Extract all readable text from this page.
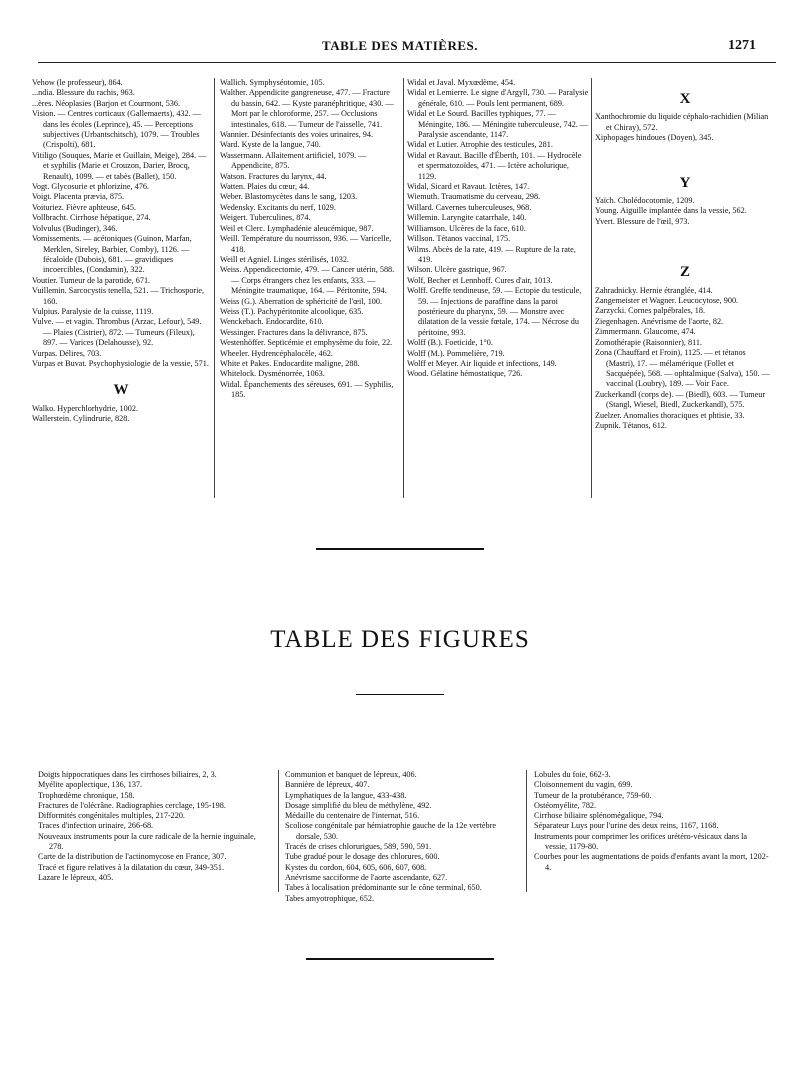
TABLE DES MATIÈRES.	1271

Vehow (le professeur), 864.

...ndia. Blessure du rachis, 963.

...ères. Néoplasies (Barjon et Courmont, 536.

Vision. — Centres corticaux (Gallemaerts), 432. — dans les écoles (Leprince), 45. — Perceptions subjectives (Urbantschitsch), 1079. — Troubles (Crispolti), 681.

Vitiligo (Souques, Marie et Guillain, Meige), 284. — et syphilis (Marie et Crouzon, Darier, Brocq, Renault), 1099. — et tabès (Ballet), 150.

Vogt. Glycosurie et phlorizine, 476.

Voigt. Placenta prævia, 875.

Voituriez. Fièvre aphteuse, 645.

Vollbracht. Cirrhose hépatique, 274.

Volvulus (Budinger), 346.

Vomissements. — acétoniques (Guinon, Marfan, Merklen, Sireley, Barbier, Comby), 1126. — fécaloïde (Dubois), 681. — gravidiques incoercibles, (Condamin), 322.

Voutier. Tumeur de la parotide, 671.

Vuillemin. Sarcocystis tenella, 521. — Trichosporie, 160.

Vulpius. Paralysie de la cuisse, 1119.

Vulve. — et vagin. Thrombus (Arzac, Lefour), 549. — Plaies (Cistrier), 872. — Tumeurs (Fileux), 897. — Varices (Delahousse), 92.

Vurpas. Délires, 703.

Vurpas et Buvat. Psychophysiologie de la vessie, 571.

W

Walko. Hyperchlorhydrie, 1002.

Wallerstein. Cylindrurie, 828.

Wallich. Symphyséotomie, 105.

Walther. Appendicite gangreneuse, 477. — Fracture du bassin, 642. — Kyste paranéphritique, 430. — Mort par le chloroforme, 257. — Occlusions intestinales, 618. — Tumeur de l'aisselle, 741.

Wannier. Désinfectants des voies urinaires, 94.

Ward. Kyste de la langue, 740.

Wassermann. Allaitement artificiel, 1079. — Appendicite, 875.

Watson. Fractures du larynx, 44.

Watten. Plaies du cœur, 44.

Weber. Blastomycètes dans le sang, 1203.

Wedensky. Excitants du nerf, 1029.

Weigert. Tuberculines, 874.

Weil et Clerc. Lymphadénie aleucémique, 987.

Weill. Température du nourrisson, 936. — Varicelle, 418.

Weill et Agniel. Linges stérilisés, 1032.

Weiss. Appendicectomie, 479. — Cancer utérin, 588. — Corps étrangers chez les enfants, 333. — Méningite traumatique, 164. — Péritonite, 594.

Weiss (G.). Aberration de sphéricité de l'œil, 100.

Weiss (T.). Pachypéritonite alcoolique, 635.

Wenckebach. Endocardite, 610.

Wessinger. Fractures dans la délivrance, 875.

Westenhöffer. Septicémie et emphysème du foie, 22.

Wheeler. Hydrencéphalocèle, 462.

White et Pakes. Endocardite maligne, 288.

Whitelock. Dysménorrée, 1063.

Widal. Épanchements des séreuses, 691. — Syphilis, 185.

Widal et Javal. Myxœdème, 454.

Widal et Lemierre. Le signe d'Argyll, 730. — Paralysie générale, 610. — Pouls lent permanent, 689.

Widal et Le Sourd. Bacilles typhiques, 77. — Méningite, 186. — Méningite tuberculeuse, 742. — Paralysie ascendante, 1147.

Widal et Lutier. Atrophie des testicules, 281.

Widal et Ravaut. Bacille d'Éberth, 101. — Hydrocèle et spermatozoïdes, 471. — Ictère acholurique, 1129.

Widal, Sicard et Ravaut. Ictères, 147.

Wiemuth. Traumatisme du cerveau, 298.

Willard. Cavernes tuberculeuses, 968.

Willemin. Laryngite catarrhale, 140.

Williamson. Ulcères de la face, 610.

Willson. Tétanos vaccinal, 175.

Wilms. Abcès de la rate, 419. — Rupture de la rate, 419.

Wilson. Ulcère gastrique, 967.

Wolf, Becher et Lennhoff. Cures d'air, 1013.

Wolff. Greffe tendineuse, 59. — Ectopie du testicule, 59. — Injections de paraffine dans la paroi postérieure du pharynx, 59. — Monstre avec dilatation de la vessie fœtale, 174. — Nécrose du péritoine, 993.

Wolff (B.). Foeticide, 1°0.

Wolff (M.). Pommelière, 719.

Wolff et Meyer. Air liquide et infections, 149.

Wood. Gélatine hémostatique, 726.

X

Xanthochromie du liquide céphalo-rachidien (Milian et Chiray), 572.

Xiphopages hindoues (Doyen), 345.

Y

Yaïch. Cholédocotomie, 1209.

Young. Aiguille implantée dans la vessie, 562.

Yvert. Blessure de l'œil, 973.

Z

Zahradnicky. Hernie étranglée, 414.

Zangemeister et Wagner. Leucocytose, 900.

Zarzycki. Cornes palpébrales, 18.

Ziegenhagen. Anévrisme de l'aorte, 82.

Zimmermann. Glaucome, 474.

Zomothérapie (Raisonnier), 811.

Zona (Chauffard et Froin), 1125. — et tétanos (Mastri), 17. — mélamérique (Follet et Sacquépée), 568. — ophtalmique (Salva), 150. — vaccinal (Loubry), 189. — Voir Face.

Zuckerkandl (corps de). — (Biedl), 603. — Tumeur (Stangl, Wiesel, Biedl, Zuckerkandl), 575.

Zuelzer. Anomalies thoraciques et phtisie, 33.

Zupnik. Tétanos, 612.

TABLE DES FIGURES

Doigts hippocratiques dans les cirrhoses biliaires, 2, 3.

Myélite apoplectique, 136, 137.

Trophœdème chronique, 158.

Fractures de l'olécrâne. Radiographies cerclage, 195-198.

Difformités congénitales multiples, 217-220.

Traces d'infection urinaire, 266-68.

Nouveaux instruments pour la cure radicale de la hernie inguinale, 278.

Carte de la distribution de l'actinomycose en France, 307.

Tracé et figure relatives à la dilatation du cœur, 349-351.

Lazare le lépreux, 405.

Communion et banquet de lépreux, 406.

Bannière de lépreux, 407.

Lymphatiques de la langue, 433-438.

Dosage simplifié du bleu de méthylène, 492.

Médaille du centenaire de l'internat, 516.

Scoliose congénitale par hémiatrophie gauche de la 12e vertèbre dorsale, 530.

Tracés de crises chlorurigues, 589, 590, 591.

Tube gradué pour le dosage des chlorures, 600.

Kystes du cordon, 604, 605, 606, 607, 608.

Anévrisme sacciforme de l'aorte ascendante, 627.

Tabes à localisation prédominante sur le cône terminal, 650.

Tabes amyotrophique, 652.

Lobules du foie, 662-3.

Cloisonnement du vagin, 699.

Tumeur de la protubérance, 759-60.

Ostéomyélite, 782.

Cirrhose biliaire splénomégalique, 794.

Séparateur Luys pour l'urine des deux reins, 1167, 1168.

Instruments pour comprimer les orifices urétéro-vésicaux dans la vessie, 1179-80.

Courbes pour les augmentations de poids d'enfants avant la mort, 1202-4.
